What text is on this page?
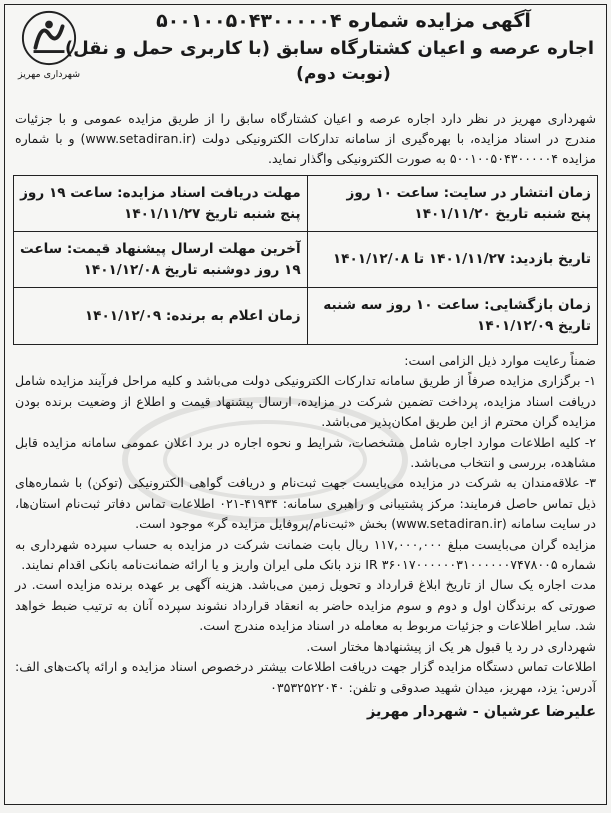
شهرداری مهریز
آگهی مزایده شماره ۵۰۰۱۰۰۵۰۴۳۰۰۰۰۰۴
اجاره عرصه و اعیان کشتارگاه سابق (با کاربری حمل و نقل)
(نوبت دوم)
شهرداری مهریز در نظر دارد اجاره عرصه و اعیان کشتارگاه سابق را از طریق مزایده عمومی و با جزئیات مندرج در اسناد مزایده، با بهره‌گیری از سامانه تدارکات الکترونیکی دولت (www.setadiran.ir) و با شماره مزایده ۵۰۰۱۰۰۵۰۴۳۰۰۰۰۰۴ به صورت الکترونیکی واگذار نماید.
زمان انتشار در سایت: ساعت ۱۰ روز
پنج شنبه تاریخ ۱۴۰۱/۱۱/۲۰
مهلت دریافت اسناد مزایده: ساعت ۱۹ روز
پنج شنبه تاریخ ۱۴۰۱/۱۱/۲۷
تاریخ بازدید: ۱۴۰۱/۱۱/۲۷ تا ۱۴۰۱/۱۲/۰۸
آخرین مهلت ارسال پیشنهاد قیمت: ساعت
۱۹ روز دوشنبه تاریخ ۱۴۰۱/۱۲/۰۸
زمان بازگشایی: ساعت ۱۰ روز سه شنبه
تاریخ ۱۴۰۱/۱۲/۰۹
زمان اعلام به برنده: ۱۴۰۱/۱۲/۰۹

ضمناً رعایت موارد ذیل الزامی است:

۱- برگزاری مزایده صرفاً از طریق سامانه تدارکات الکترونیکی دولت می‌باشد و کلیه مراحل فرآیند مزایده شامل دریافت اسناد مزایده، پرداخت تضمین شرکت در مزایده، ارسال پیشنهاد قیمت و اطلاع از وضعیت برنده بودن مزایده گران محترم از این طریق امکان‌پذیر می‌باشد.

۲- کلیه اطلاعات موارد اجاره شامل مشخصات، شرایط و نحوه اجاره در برد اعلان عمومی سامانه مزایده قابل مشاهده، بررسی و انتخاب می‌باشد.

۳- علاقه‌مندان به شرکت در مزایده می‌بایست جهت ثبت‌نام و دریافت گواهی الکترونیکی (توکن) با شماره‌های ذیل تماس حاصل فرمایند: مرکز پشتیبانی و راهبری سامانه: ۴۱۹۳۴-۰۲۱ اطلاعات تماس دفاتر ثبت‌نام استان‌ها، در سایت سامانه (www.setadiran.ir) بخش «ثبت‌نام/پروفایل مزایده گر» موجود است.

مزایده گران می‌بایست مبلغ ۱۱۷,۰۰۰,۰۰۰ ریال بابت ضمانت شرکت در مزایده به حساب سپرده شهرداری به شماره IR ۳۶۰۱۷۰۰۰۰۰۰۳۱۰۰۰۰۰۰۷۴۷۸۰۰۵ نزد بانک ملی ایران واریز و یا ارائه ضمانت‌نامه بانکی اقدام نمایند.

مدت اجاره یک سال از تاریخ ابلاغ قرارداد و تحویل زمین می‌باشد. هزینه آگهی بر عهده برنده مزایده است. در صورتی که برندگان اول و دوم و سوم مزایده حاضر به انعقاد قرارداد نشوند سپرده آنان به ترتیب ضبط خواهد شد. سایر اطلاعات و جزئیات مربوط به معامله در اسناد مزایده مندرج است.

شهرداری در رد یا قبول هر یک از پیشنهادها مختار است.

اطلاعات تماس دستگاه مزایده گزار جهت دریافت اطلاعات بیشتر درخصوص اسناد مزایده و ارائه پاکت‌های الف: آدرس: یزد، مهریز، میدان شهید صدوقی و تلفن: ۰۳۵۳۲۵۲۲۰۴۰

علیرضا عرشیان - شهردار مهریز
